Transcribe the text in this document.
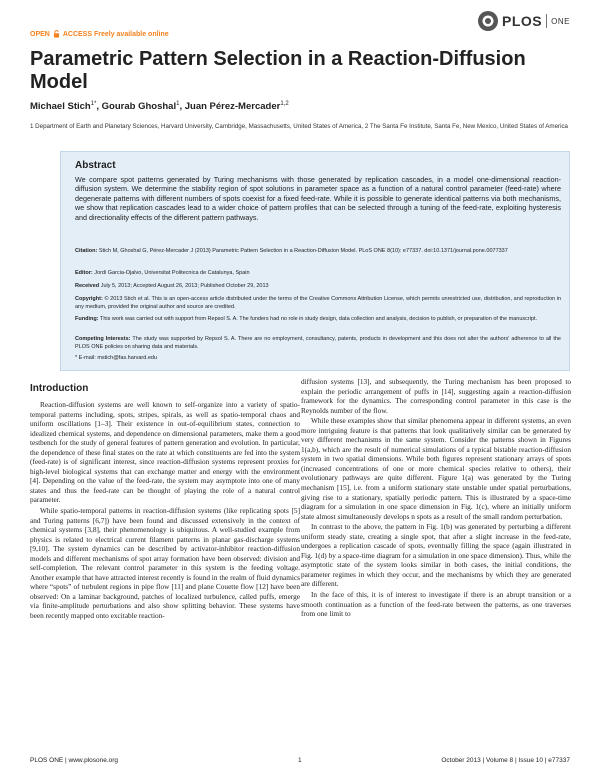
OPEN ACCESS Freely available online
PLOS ONE
Parametric Pattern Selection in a Reaction-Diffusion Model
Michael Stich$^{1*}$, Gourab Ghoshal$^1$, Juan Pérez-Mercader$^{1,2}$
1 Department of Earth and Planetary Sciences, Harvard University, Cambridge, Massachusetts, United States of America, 2 The Santa Fe Institute, Santa Fe, New Mexico, United States of America
Abstract
We compare spot patterns generated by Turing mechanisms with those generated by replication cascades, in a model one-dimensional reaction-diffusion system. We determine the stability region of spot solutions in parameter space as a function of a natural control parameter (feed-rate) where degenerate patterns with different numbers of spots coexist for a fixed feed-rate. While it is possible to generate identical patterns via both mechanisms, we show that replication cascades lead to a wider choice of pattern profiles that can be selected through a tuning of the feed-rate, exploiting hysteresis and directionality effects of the different pattern pathways.
Citation: Stich M, Ghoshal G, Pérez-Mercader J (2013) Parametric Pattern Selection in a Reaction-Diffusion Model. PLoS ONE 8(10): e77337. doi:10.1371/journal.pone.0077337
Editor: Jordi Garcia-Ojalvo, Universitat Politecnica de Catalunya, Spain
Received July 5, 2013; Accepted August 26, 2013; Published October 29, 2013
Copyright: © 2013 Stich et al. This is an open-access article distributed under the terms of the Creative Commons Attribution License, which permits unrestricted use, distribution, and reproduction in any medium, provided the original author and source are credited.
Funding: This work was carried out with support from Repsol S. A. The funders had no role in study design, data collection and analysis, decision to publish, or preparation of the manuscript.
Competing Interests: The study was supported by Repsol S. A. There are no employment, consultancy, patents, products in development and this does not alter the authors' adherence to all the PLOS ONE policies on sharing data and materials.
* E-mail: mstich@fas.harvard.edu
Introduction

Reaction-diffusion systems are well known to self-organize into a variety of spatio-temporal patterns including, spots, stripes, spirals, as well as spatio-temporal chaos and uniform oscillations [1–3]. Their existence in out-of-equilibrium states, connection to idealized chemical systems, and dependence on dimensional parameters, make them a good testbench for the study of general features of pattern generation and evolution. In particular, the dependence of these final states on the rate at which constituents are fed into the system (feed-rate) is of significant interest, since reaction-diffusion systems represent proxies for high-level biological systems that can exchange matter and energy with the environment [4]. Depending on the value of the feed-rate, the system may asymptote into one of many states and thus the feed-rate can be thought of playing the role of a natural control parameter.

While spatio-temporal patterns in reaction-diffusion systems (like replicating spots [5] and Turing patterns [6,7]) have been found and discussed extensively in the context of chemical systems [3,8], their phenomenology is ubiquitous. A well-studied example from physics is related to electrical current filament patterns in planar gas-discharge systems [9,10]. The system dynamics can be described by activator-inhibitor reaction-diffusion models and different mechanisms of spot array formation have been observed: division and self-completion. The relevant control parameter in this system is the feeding voltage. Another example that have attracted interest recently is found in the realm of fluid dynamics where “spots” of turbulent regions in pipe flow [11] and plane Couette flow [12] have been observed: On a laminar background, patches of localized turbulence, called puffs, emerge via finite-amplitude perturbations and also show splitting behavior. These systems have been recently mapped onto excitable reaction-

diffusion systems [13], and subsequently, the Turing mechanism has been proposed to explain the periodic arrangement of puffs in [14], suggesting again a reaction-diffusion framework for the dynamics. The corresponding control parameter in this case is the Reynolds number of the flow.

While these examples show that similar phenomena appear in different systems, an even more intriguing feature is that patterns that look qualitatively similar can be generated by very different mechanisms in the same system. Consider the patterns shown in Figures 1(a,b), which are the result of numerical simulations of a typical bistable reaction-diffusion system in two spatial dimensions. While both figures represent stationary arrays of spots (increased concentrations of one or more chemical species relative to others), their evolutionary pathways are quite different. Figure 1(a) was generated by the Turing mechanism [15], i.e. from a uniform stationary state unstable under spatial perturbations, giving rise to a stationary, spatially periodic pattern. This is illustrated by a space-time diagram for a simulation in one space dimension in Fig. 1(c), where an initially uniform state almost simultaneously develops n spots as a result of the small random perturbation.

In contrast to the above, the pattern in Fig. 1(b) was generated by perturbing a different uniform steady state, creating a single spot, that after a slight increase in the feed-rate, undergoes a replication cascade of spots, eventually filling the space (again illustrated in Fig. 1(d) by a space-time diagram for a simulation in one space dimension). Thus, while the asymptotic state of the system looks similar in both cases, the initial conditions, the parameter regimes in which they occur, and the mechanisms by which they are generated are different.

In the face of this, it is of interest to investigate if there is an abrupt transition or a smooth continuation as a function of the feed-rate between the patterns, as one traverses from one limit to

PLOS ONE | www.plosone.org	1	October 2013 | Volume 8 | Issue 10 | e77337
